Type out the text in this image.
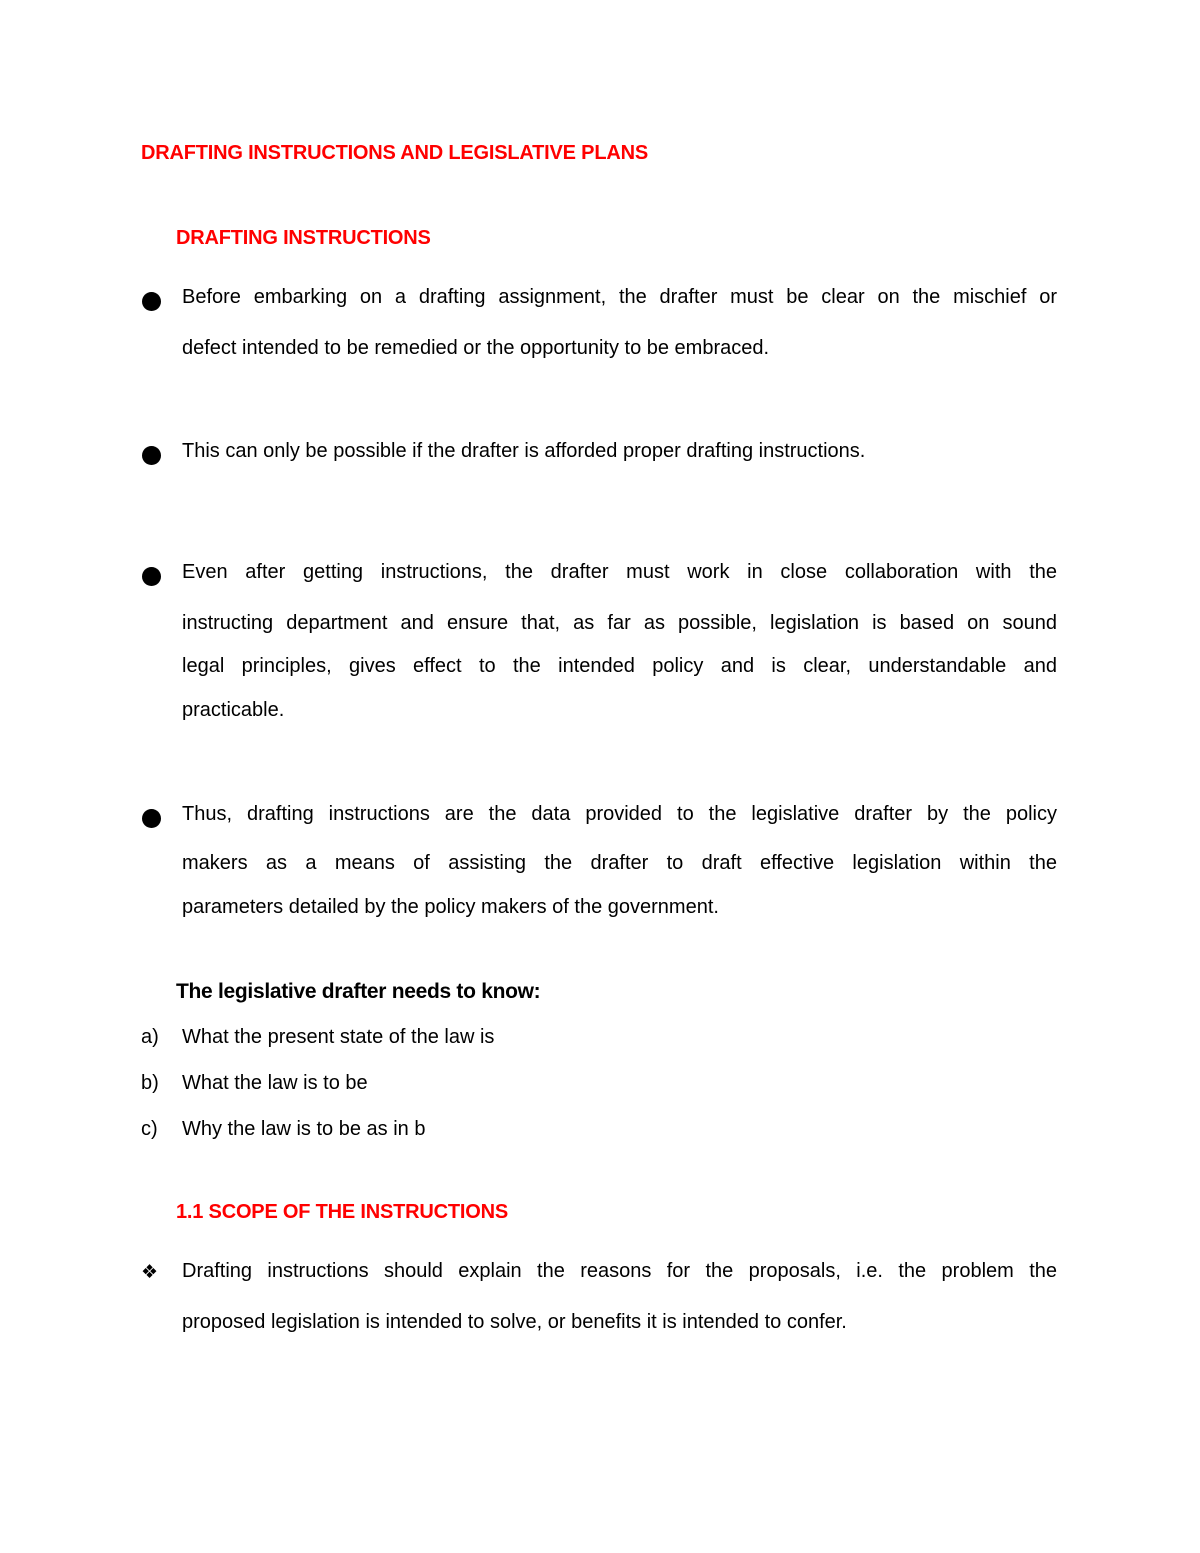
DRAFTING INSTRUCTIONS AND LEGISLATIVE PLANS
DRAFTING INSTRUCTIONS
Before embarking on a drafting assignment, the drafter must be clear on the mischief or
defect intended to be remedied or the opportunity to be embraced.
This can only be possible if the drafter is afforded proper drafting instructions.
Even after getting instructions, the drafter must work in close collaboration with the
instructing department and ensure that, as far as possible, legislation is based on sound
legal principles, gives effect to the intended policy and is clear, understandable and
practicable.
Thus, drafting instructions are the data provided to the legislative drafter by the policy
makers as a means of assisting the drafter to draft effective legislation within the
parameters detailed by the policy makers of the government.
The legislative drafter needs to know:
a) What the present state of the law is
b) What the law is to be
c) Why the law is to be as in b
1.1 SCOPE OF THE INSTRUCTIONS
❖ Drafting instructions should explain the reasons for the proposals, i.e. the problem the
proposed legislation is intended to solve, or benefits it is intended to confer.
